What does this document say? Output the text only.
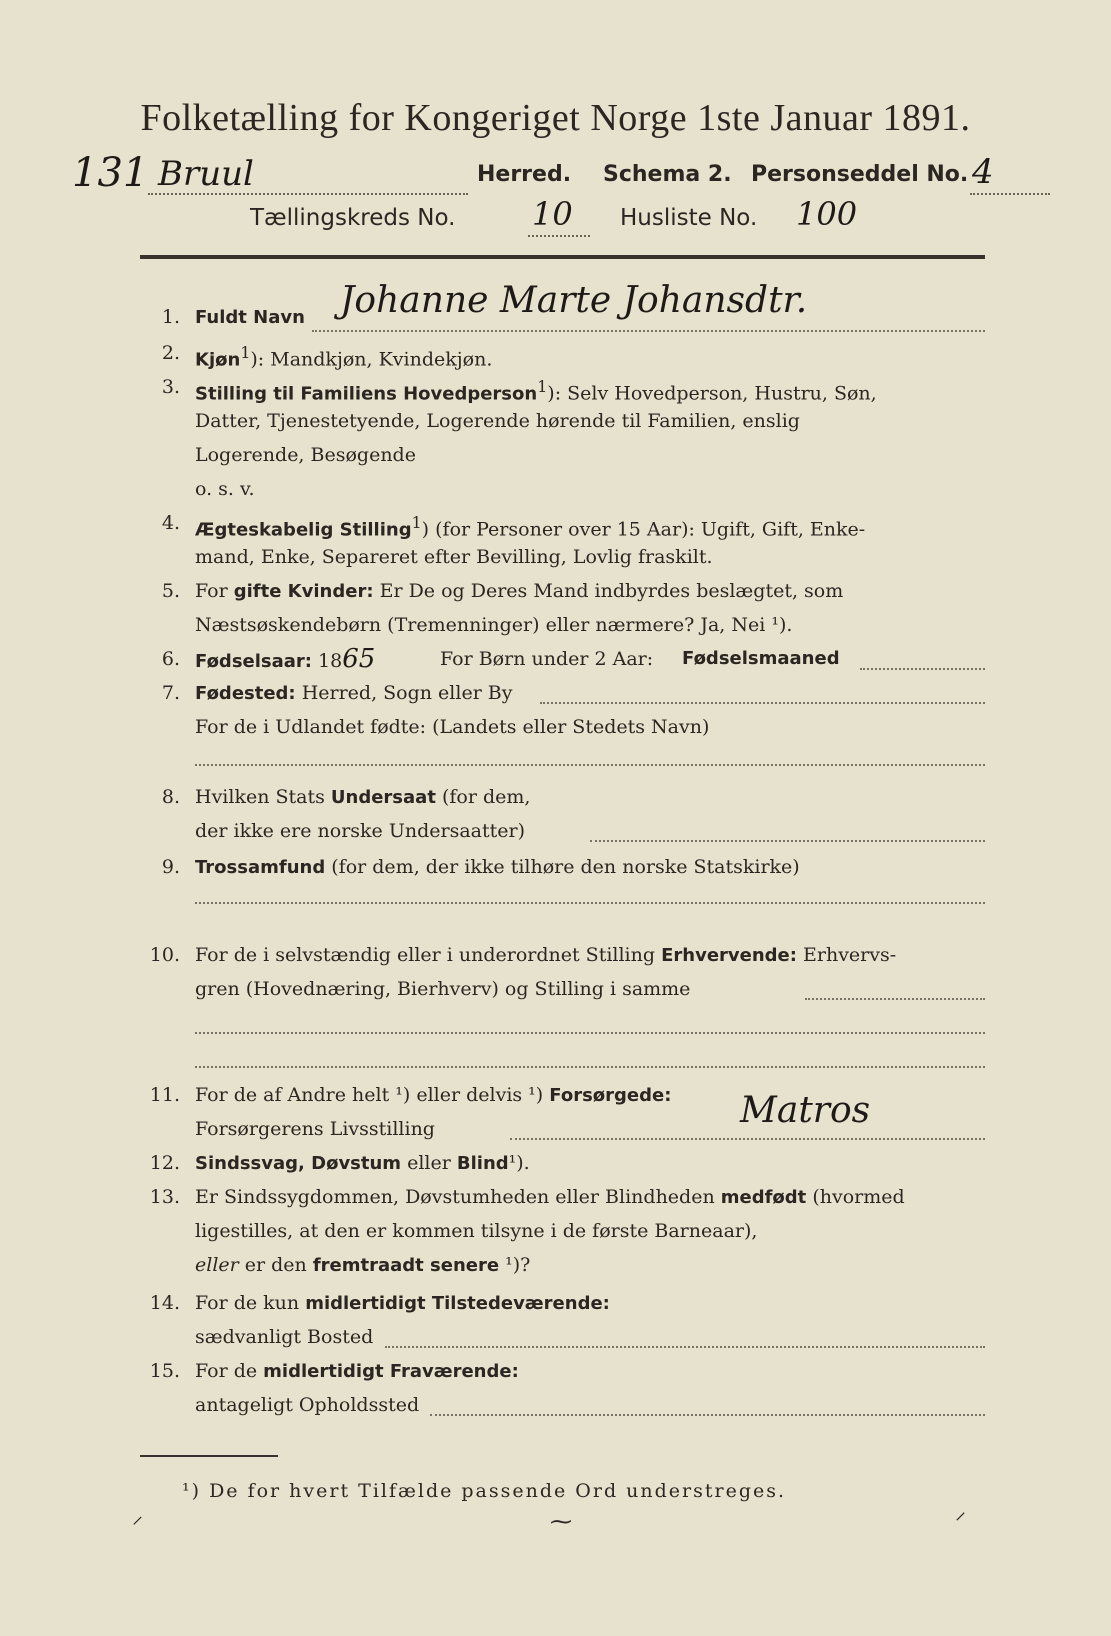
Folketælling for Kongeriget Norge 1ste Januar 1891.
131 Bruul	Herred. Schema 2. Personseddel No. 4
Tællingskreds No. 10 Husliste No. 100
1. Fuldt Navn Johanne Marte Johansdtr.
2. Kjøn$^1$): Mandkjøn, Kvindekjøn.
3. Stilling til Familiens Hovedperson$^1$): Selv Hovedperson, Hustru, Søn,
Datter, Tjenestetyende, Logerende hørende til Familien, enslig
Logerende, Besøgende
o. s. v.
4. Ægteskabelig Stilling$^1$) (for Personer over 15 Aar): Ugift, Gift, Enke-
mand, Enke, Separeret efter Bevilling, Lovlig fraskilt.
5. For gifte Kvinder: Er De og Deres Mand indbyrdes beslægtet, som
Næstsøskendebørn (Tremenninger) eller nærmere? Ja, Nei ¹).
6. Fødselsaar: 1865	For Børn under 2 Aar: Fødselsmaaned
7. Fødested: Herred, Sogn eller By
For de i Udlandet fødte: (Landets eller Stedets Navn)
8. Hvilken Stats Undersaat (for dem,
der ikke ere norske Undersaatter)
9. Trossamfund (for dem, der ikke tilhøre den norske Statskirke)
10. For de i selvstændig eller i underordnet Stilling Erhvervende: Erhvervs-
gren (Hovednæring, Bierhverv) og Stilling i samme
11. For de af Andre helt ¹) eller delvis ¹) Forsørgede:
Forsørgerens Livsstilling	Matros
12. Sindssvag, Døvstum eller Blind¹).
13. Er Sindssygdommen, Døvstumheden eller Blindheden medfødt (hvormed
ligestilles, at den er kommen tilsyne i de første Barneaar),
eller er den fremtraadt senere ¹)?
14. For de kun midlertidigt Tilstedeværende:
sædvanligt Bosted
15. For de midlertidigt Fraværende:
antageligt Opholdssted
¹) De for hvert Tilfælde passende Ord understreges.
⸝	⁓	⸍
